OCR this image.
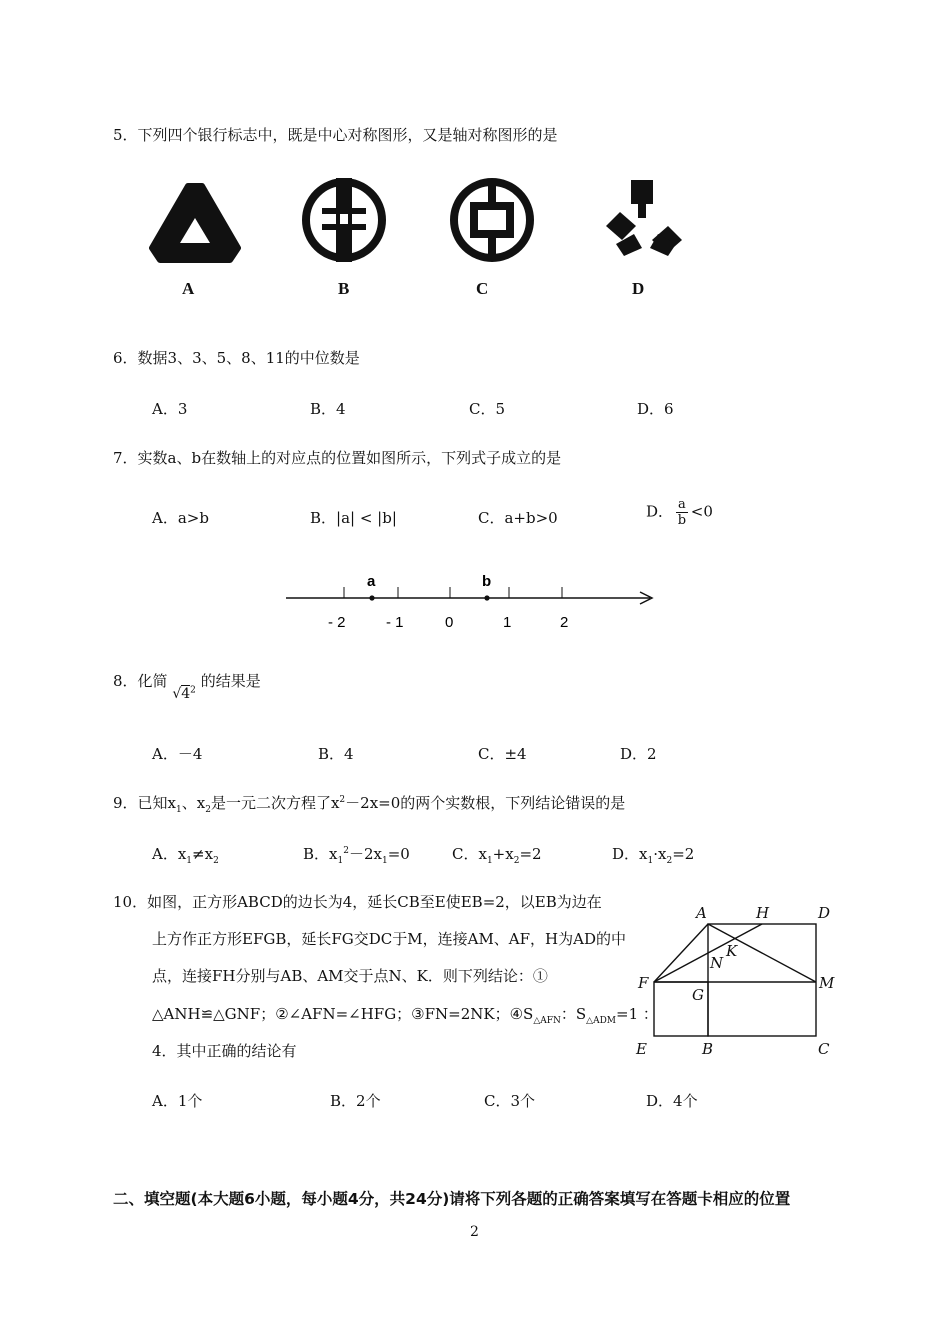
5．下列四个银行标志中，既是中心对称图形，又是轴对称图形的是
A	B	C	D
6．数据3、3、5、8、11的中位数是
A．3	B．4	C．5	D．6
7．实数a、b在数轴上的对应点的位置如图所示，下列式子成立的是
A．a>b	B．|a| < |b|	C．a+b>0	D． $\frac{a}{b} <0$
a	b
- 2	- 1	0	1	2
8．化简 $√4^2$ 的结果是
A．－4	B．4	C．±4	D．2
9．已知$x_1$、$x_2$是一元二次方程了$x^2-2x=0$的两个实数根，下列结论错误的是
A．$x_1\ne x_2$	B．$x_1^2-2x_1=0$	C．$x_1+x_2=2$	D．$x_1\cdot x_2=2$
10．如图，正方形ABCD的边长为4，延长CB至E使EB=2，以EB为边在
上方作正方形EFGB，延长FG交DC于M，连接AM、AF，H为AD的中
点，连接FH分别与AB、AM交于点N、K．则下列结论：①
△ANH≌△GNF；②∠AFN=∠HFG；③FN=2NK；$④S_{\triangle AFN}$：$S_{\triangle ADM}=1$ ：
4．其中正确的结论有
A	H	D
K
N
F	M
G
E	B	C
A．1个	B．2个	C．3个	D．4个
二、填空题(本大题6小题，每小题4分，共24分)请将下列各题的正确答案填写在答题卡相应的位置
2
